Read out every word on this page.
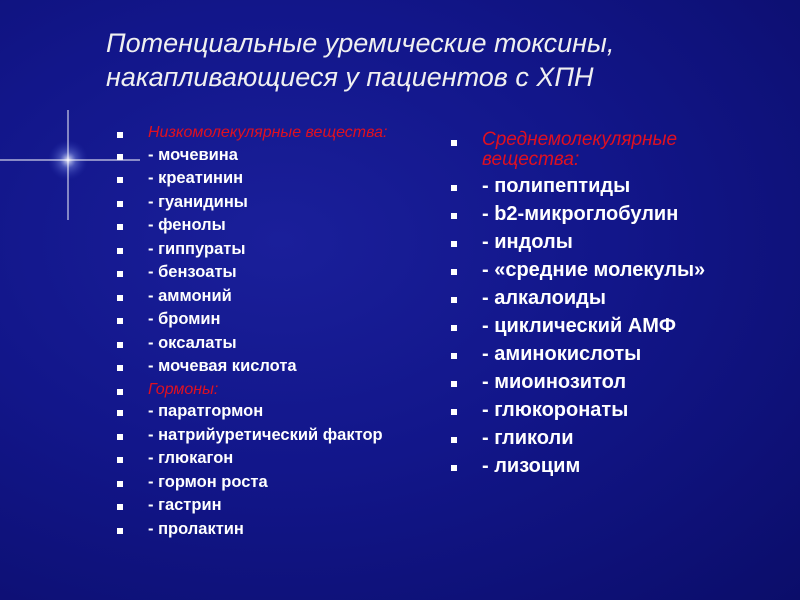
Потенциальные уремические токсины,
накапливающиеся у пациентов с ХПН
Низкомолекулярные вещества:
- мочевина
- креатинин
- гуанидины
- фенолы
- гиппураты
- бензоаты
- аммоний
- бромин
- оксалаты
- мочевая кислота
Гормоны:
- паратгормон
- натрийуретический фактор
- глюкагон
- гормон роста
- гастрин
- пролактин
Среднемолекулярные вещества:
- полипептиды
- b2-микроглобулин
- индолы
- «средние молекулы»
- алкалоиды
- циклический АМФ
- аминокислоты
- миоинозитол
- глюкоронаты
- гликоли
- лизоцим
